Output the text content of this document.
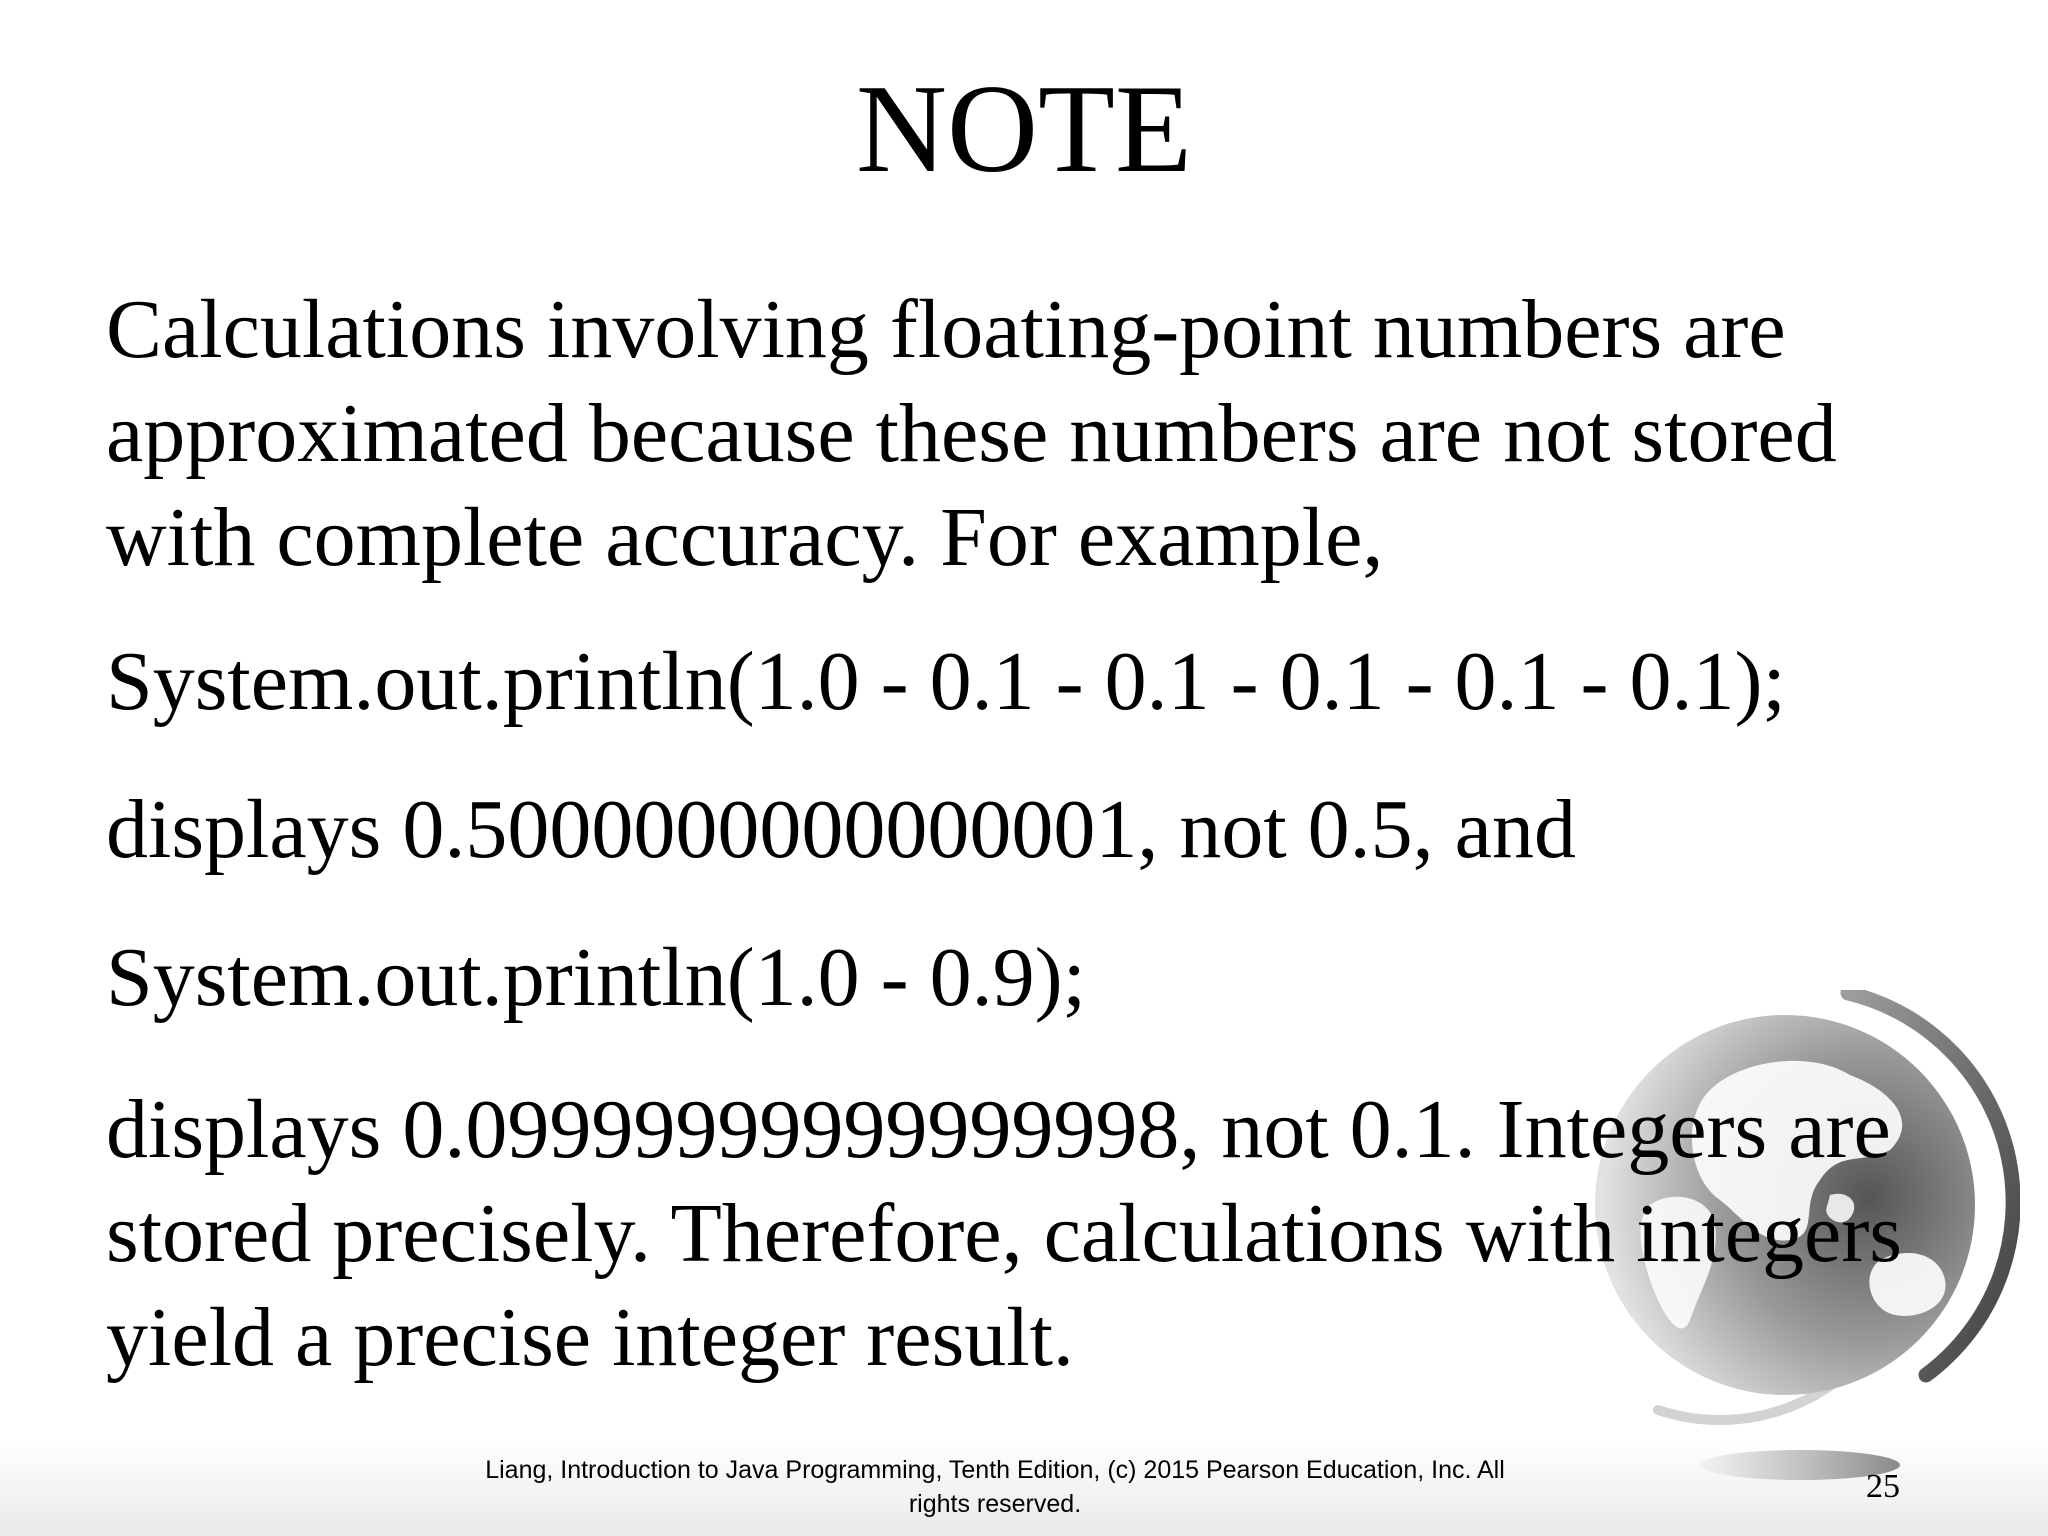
NOTE
Calculations involving floating-point numbers are
approximated because these numbers are not stored
with complete accuracy. For example,
System.out.println(1.0 - 0.1 - 0.1 - 0.1 - 0.1 - 0.1);
displays 0.5000000000000001, not 0.5, and
System.out.println(1.0 - 0.9);
displays 0.09999999999999998, not 0.1. Integers are
stored precisely. Therefore, calculations with integers
yield a precise integer result.
Liang, Introduction to Java Programming, Tenth Edition, (c) 2015 Pearson Education, Inc. All
rights reserved.	25
